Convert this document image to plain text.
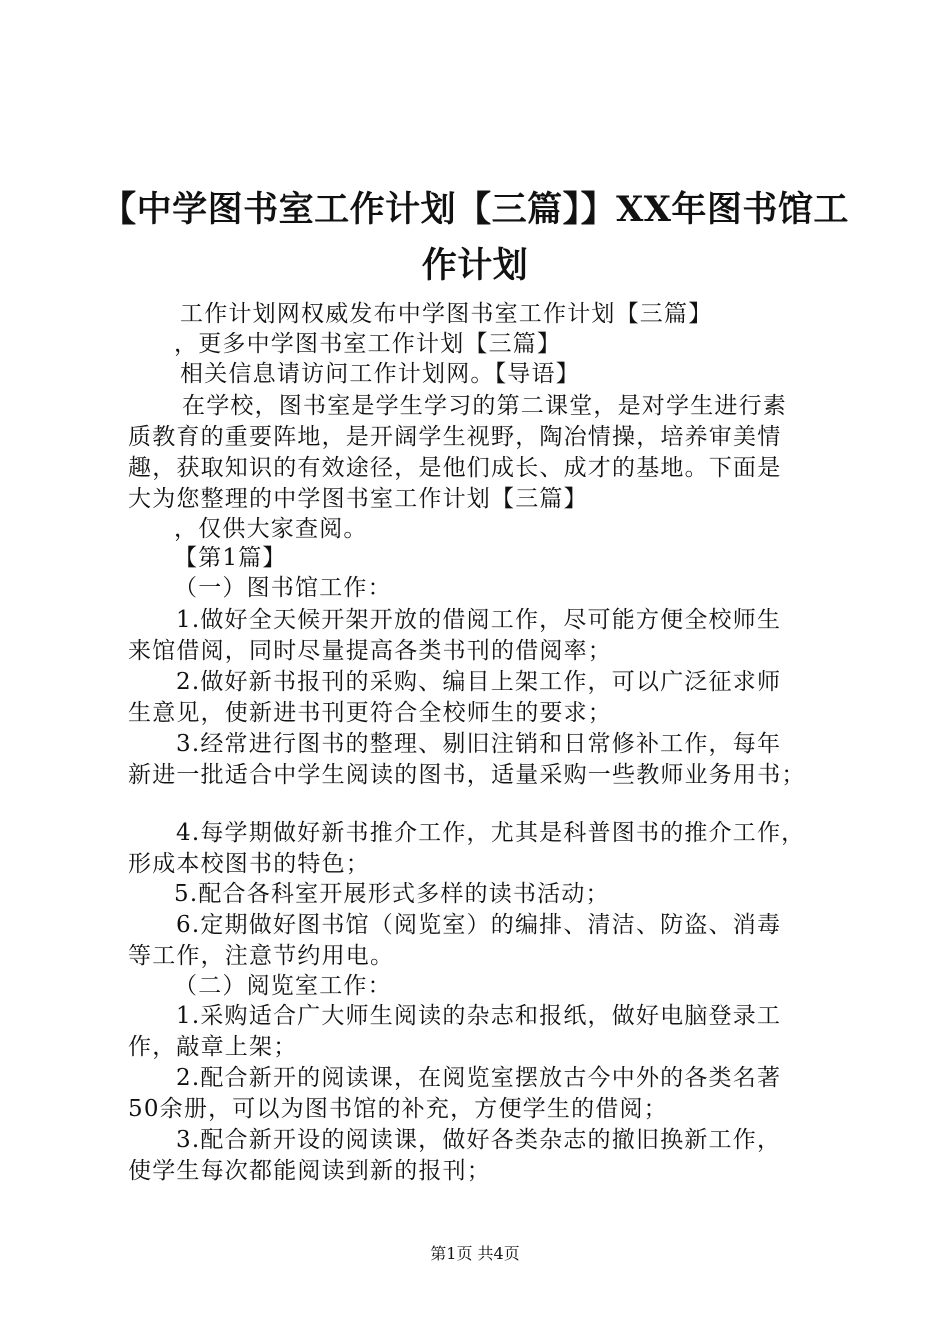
【中学图书室工作计划【三篇】】XX年图书馆工作计划
工作计划网权威发布中学图书室工作计划【三篇】
，更多中学图书室工作计划【三篇】
相关信息请访问工作计划网。【导语】
在学校，图书室是学生学习的第二课堂，是对学生进行素
质教育的重要阵地，是开阔学生视野，陶冶情操，培养审美情
趣，获取知识的有效途径，是他们成长、成才的基地。下面是
大为您整理的中学图书室工作计划【三篇】
，仅供大家查阅。
【第1篇】
（一）图书馆工作：
1.做好全天候开架开放的借阅工作，尽可能方便全校师生
来馆借阅，同时尽量提高各类书刊的借阅率；
2.做好新书报刊的采购、编目上架工作，可以广泛征求师
生意见，使新进书刊更符合全校师生的要求；
3.经常进行图书的整理、剔旧注销和日常修补工作，每年
新进一批适合中学生阅读的图书，适量采购一些教师业务用书；
4.每学期做好新书推介工作，尤其是科普图书的推介工作，
形成本校图书的特色；
5.配合各科室开展形式多样的读书活动；
6.定期做好图书馆（阅览室）的编排、清洁、防盗、消毒
等工作，注意节约用电。
（二）阅览室工作：
1.采购适合广大师生阅读的杂志和报纸，做好电脑登录工
作，敲章上架；
2.配合新开的阅读课，在阅览室摆放古今中外的各类名著
50余册，可以为图书馆的补充，方便学生的借阅；
3.配合新开设的阅读课，做好各类杂志的撤旧换新工作，
使学生每次都能阅读到新的报刊；
第1页 共4页
